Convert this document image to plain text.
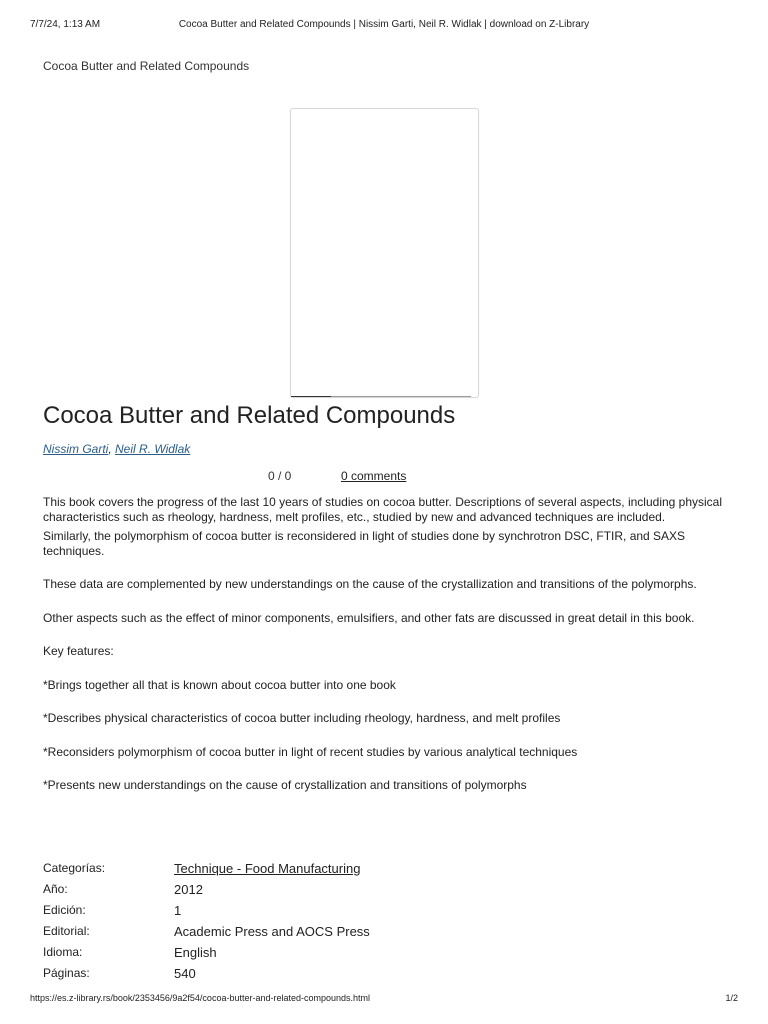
7/7/24, 1:13 AM	Cocoa Butter and Related Compounds | Nissim Garti, Neil R. Widlak | download on Z-Library
Cocoa Butter and Related Compounds
Cocoa Butter and Related Compounds
Nissim Garti, Neil R. Widlak
0 / 0	0 comments

This book covers the progress of the last 10 years of studies on cocoa butter. Descriptions of several aspects, including physical characteristics such as rheology, hardness, melt profiles, etc., studied by new and advanced techniques are included.

Similarly, the polymorphism of cocoa butter is reconsidered in light of studies done by synchrotron DSC, FTIR, and SAXS techniques.

These data are complemented by new understandings on the cause of the crystallization and transitions of the polymorphs.

Other aspects such as the effect of minor components, emulsifiers, and other fats are discussed in great detail in this book.

Key features:

*Brings together all that is known about cocoa butter into one book

*Describes physical characteristics of cocoa butter including rheology, hardness, and melt profiles

*Reconsiders polymorphism of cocoa butter in light of recent studies by various analytical techniques

*Presents new understandings on the cause of crystallization and transitions of polymorphs

Categorías:	Technique - Food Manufacturing
Año:	2012
Edición:	1
Editorial:	Academic Press and AOCS Press
Idioma:	English
Páginas:	540
https://es.z-library.rs/book/2353456/9a2f54/cocoa-butter-and-related-compounds.html	1/2
